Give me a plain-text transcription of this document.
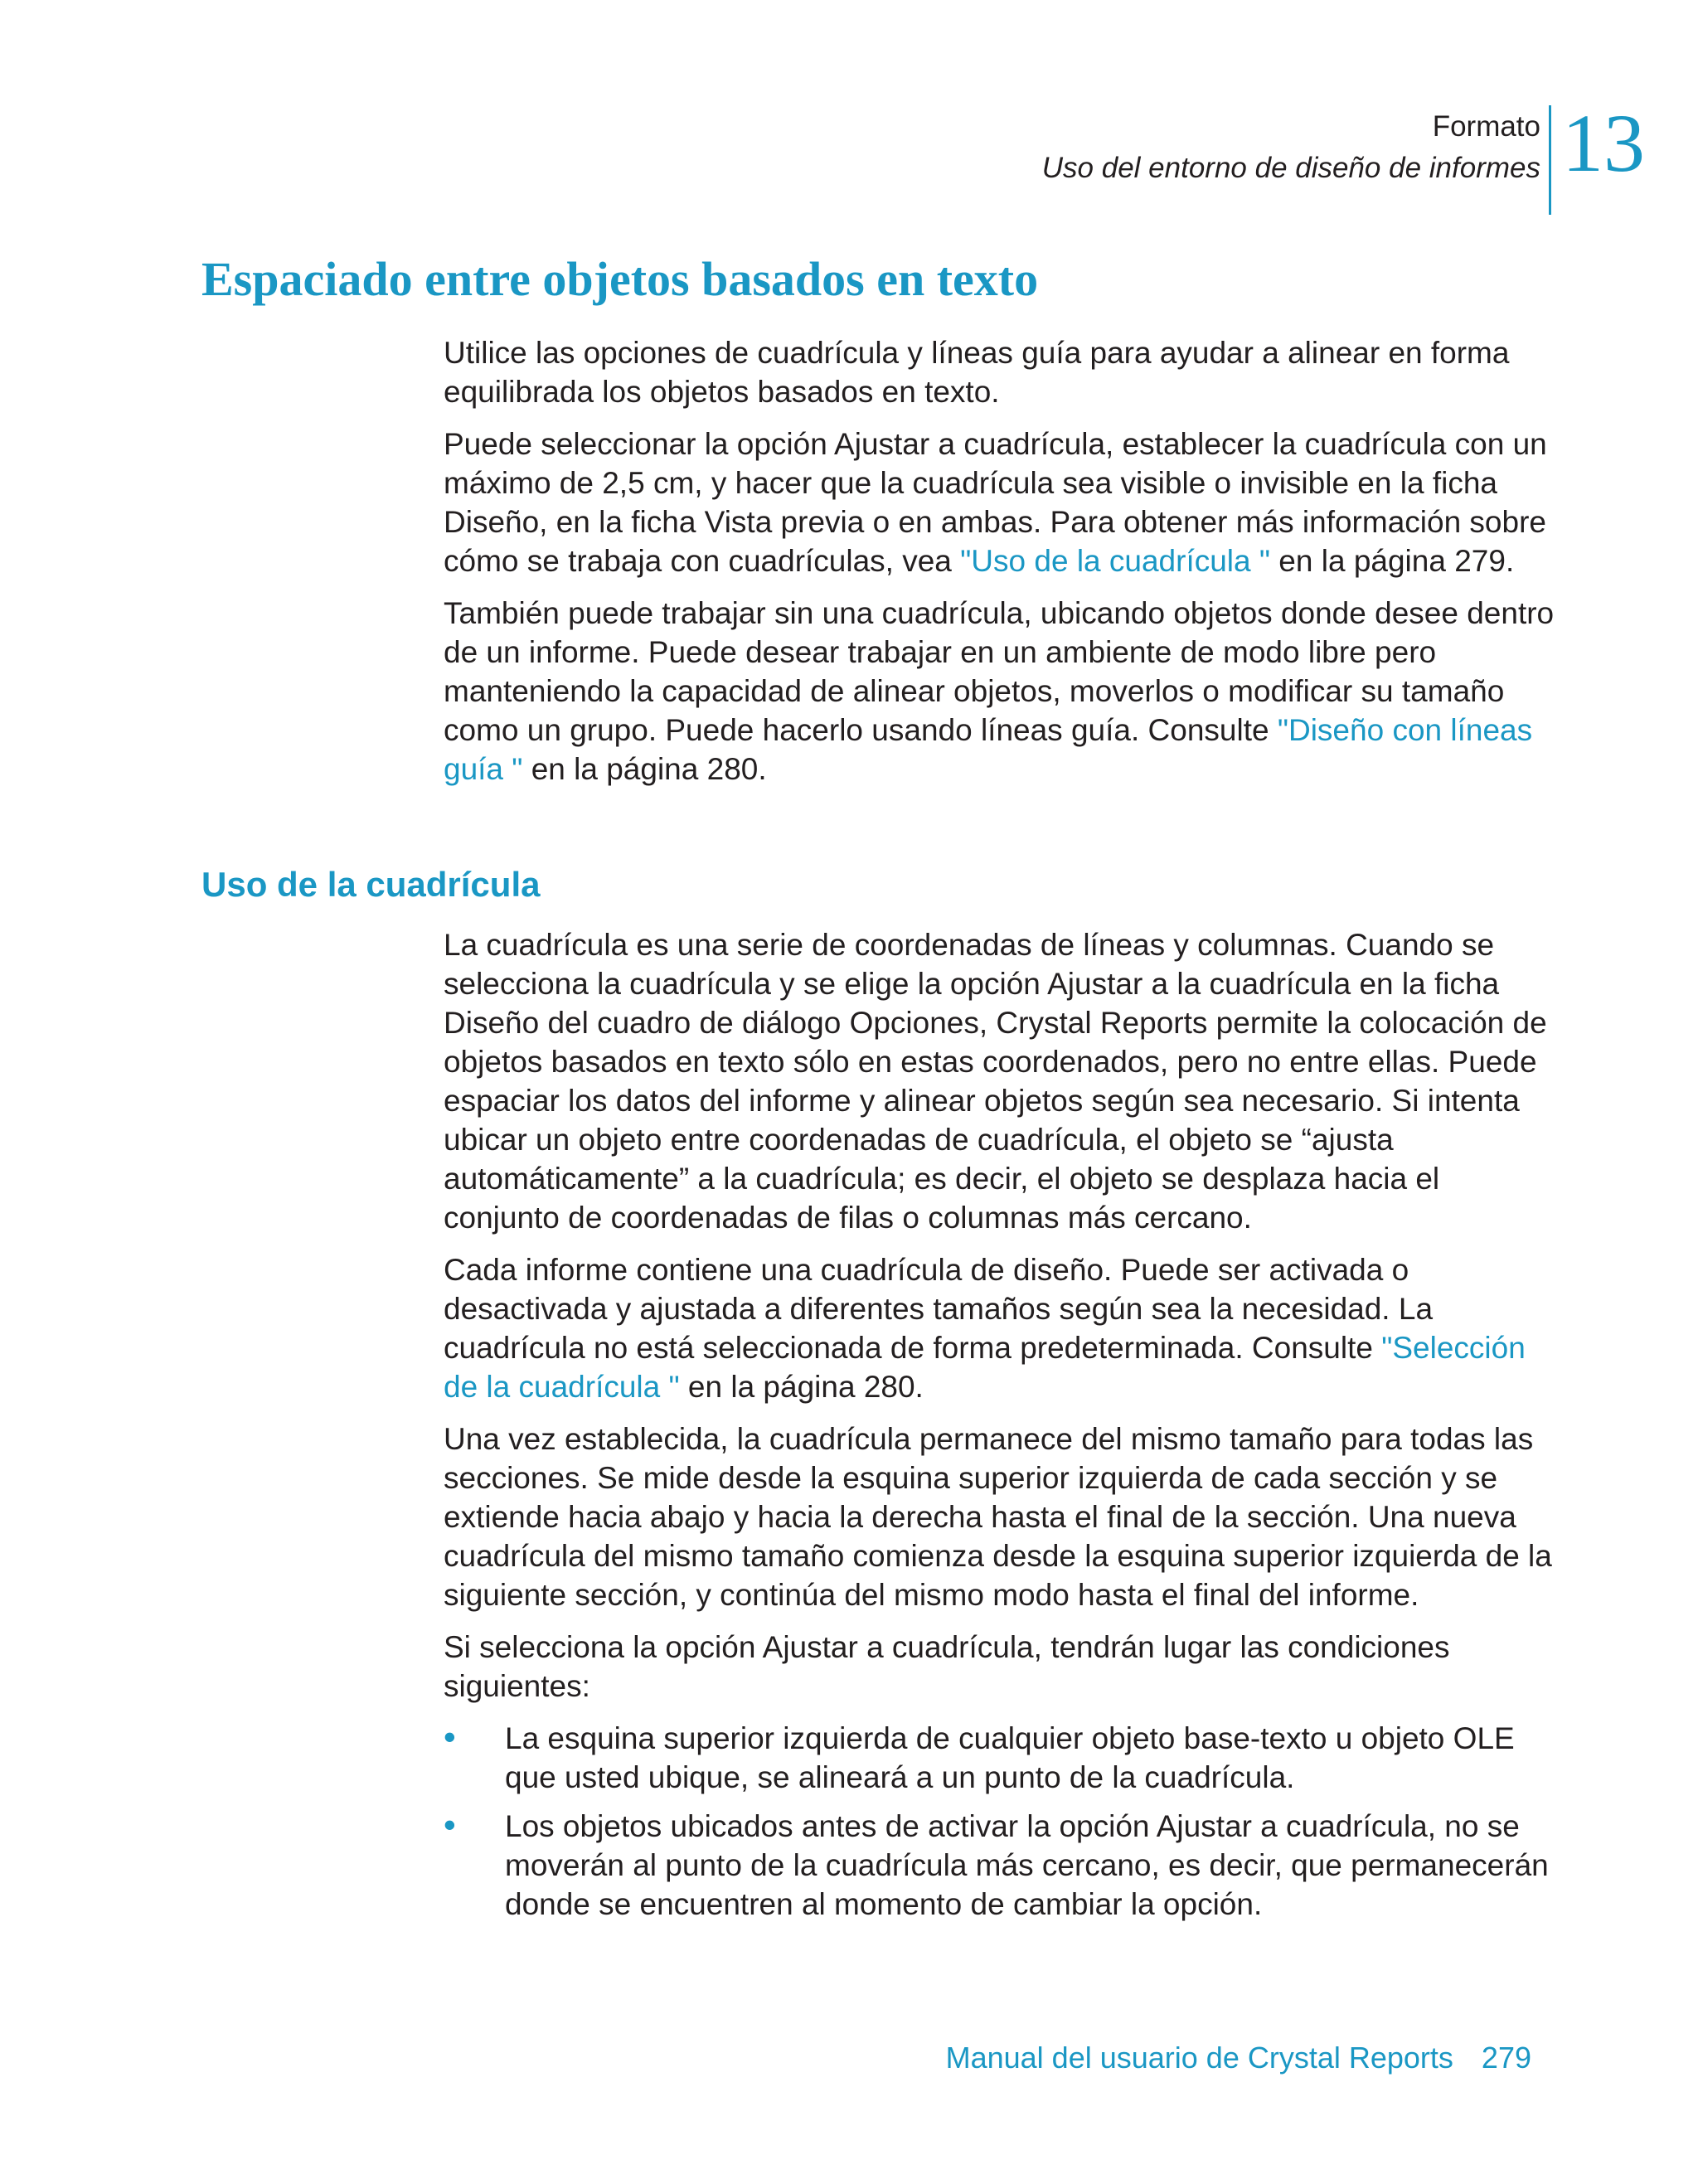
Formato
Uso del entorno de diseño de informes 13
Espaciado entre objetos basados en texto

Utilice las opciones de cuadrícula y líneas guía para ayudar a alinear en forma equilibrada los objetos basados en texto.

Puede seleccionar la opción Ajustar a cuadrícula, establecer la cuadrícula con un máximo de 2,5 cm, y hacer que la cuadrícula sea visible o invisible en la ficha Diseño, en la ficha Vista previa o en ambas. Para obtener más información sobre cómo se trabaja con cuadrículas, vea "Uso de la cuadrícula " en la página 279.

También puede trabajar sin una cuadrícula, ubicando objetos donde desee dentro de un informe. Puede desear trabajar en un ambiente de modo libre pero manteniendo la capacidad de alinear objetos, moverlos o modificar su tamaño como un grupo. Puede hacerlo usando líneas guía. Consulte "Diseño con líneas guía " en la página 280.

Uso de la cuadrícula

La cuadrícula es una serie de coordenadas de líneas y columnas. Cuando se selecciona la cuadrícula y se elige la opción Ajustar a la cuadrícula en la ficha Diseño del cuadro de diálogo Opciones, Crystal Reports permite la colocación de objetos basados en texto sólo en estas coordenados, pero no entre ellas. Puede espaciar los datos del informe y alinear objetos según sea necesario. Si intenta ubicar un objeto entre coordenadas de cuadrícula, el objeto se “ajusta automáticamente” a la cuadrícula; es decir, el objeto se desplaza hacia el conjunto de coordenadas de filas o columnas más cercano.

Cada informe contiene una cuadrícula de diseño. Puede ser activada o desactivada y ajustada a diferentes tamaños según sea la necesidad. La cuadrícula no está seleccionada de forma predeterminada. Consulte "Selección de la cuadrícula " en la página 280.

Una vez establecida, la cuadrícula permanece del mismo tamaño para todas las secciones. Se mide desde la esquina superior izquierda de cada sección y se extiende hacia abajo y hacia la derecha hasta el final de la sección. Una nueva cuadrícula del mismo tamaño comienza desde la esquina superior izquierda de la siguiente sección, y continúa del mismo modo hasta el final del informe.

Si selecciona la opción Ajustar a cuadrícula, tendrán lugar las condiciones siguientes:

• La esquina superior izquierda de cualquier objeto base-texto u objeto OLE que usted ubique, se alineará a un punto de la cuadrícula.
• Los objetos ubicados antes de activar la opción Ajustar a cuadrícula, no se moverán al punto de la cuadrícula más cercano, es decir, que permanecerán donde se encuentren al momento de cambiar la opción.
Manual del usuario de Crystal Reports 279
